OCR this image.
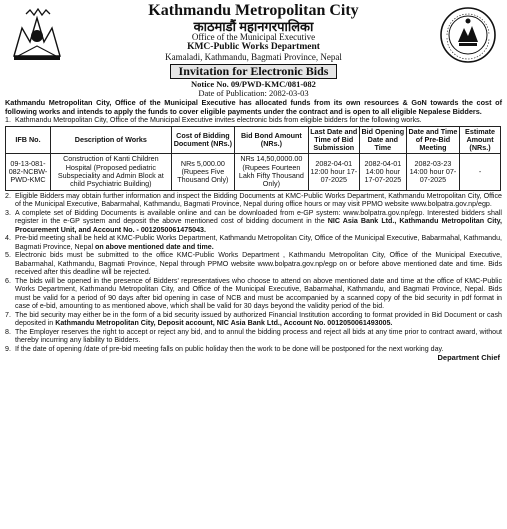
Kathmandu Metropolitan City
काठमाडौं महानगरपालिका
Office of the Municipal Executive
KMC-Public Works Department
Kamaladi, Kathmandu, Bagmati Province, Nepal
Invitation for Electronic Bids
Notice No. 09/PWD-KMC/081-082
Date of Publication: 2082-03-03
Kathmandu Metropolitan City, Office of the Municipal Executive has allocated funds from its own resources & GoN towards the cost of following works and intends to apply the funds to cover eligible payments under the contract and is open to all eligible Nepalese Bidders.
1. Kathmandu Metropolitan City, Office of the Municipal Executive invites electronic bids from eligible bidders for the following works.
IFB No.	Description of Works	Cost of Bidding Document (NRs.)	Bid Bond Amount (NRs.)	Last Date and Time of Bid Submission	Bid Opening Date and Time	Date and Time of Pre-Bid Meeting	Estimate Amount (NRs.)
09-13-081-082-NCBW-PWD-KMC	Construction of Kanti Children Hospital (Proposed pediatric Subspeciality and Admin Block at child Psychiatric Building)	NRs 5,000.00 (Rupees Five Thousand Only)	NRs 14,50,0000.00 (Rupees Fourteen Lakh Fifty Thousand Only)	2082-04-01 12:00 hour 17-07-2025	2082-04-01 14:00 hour 17-07-2025	2082-03-23 14:00 hour 07-07-2025	-
2. Eligible Bidders may obtain further information and inspect the Bidding Documents at KMC-Public Works Department, Kathmandu Metropolitan City, Office of the Municipal Executive, Babarmahal, Kathmandu, Bagmati Province, Nepal during office hours or may visit PPMO website www.bolpatra.gov.np/egp.
3. A complete set of Bidding Documents is available online and can be downloaded from e-GP system: www.bolpatra.gov.np/egp. Interested bidders shall register in the e-GP system and deposit the above mentioned cost of bidding document in the NIC Asia Bank Ltd., Kathmandu Metropolitan City, Procurement Unit, and Account No. - 0012050061475043.
4. Pre-bid meeting shall be held at KMC-Public Works Department, Kathmandu Metropolitan City, Office of the Municipal Executive, Babarmahal, Kathmandu, Bagmati Province, Nepal on above mentioned date and time.
5. Electronic bids must be submitted to the office KMC-Public Works Department , Kathmandu Metropolitan City, Office of the Municipal Executive, Babarmahal, Kathmandu, Bagmati Province, Nepal through PPMO website www.bolpatra.gov.np/egp on or before above mentioned date and time. Bids received after this deadline will be rejected.
6. The bids will be opened in the presence of Bidders' representatives who choose to attend on above mentioned date and time at the office of KMC-Public Works Department, Kathmandu Metropolitan City, and Office of the Municipal Executive, Babarmahal, Kathmandu, and Bagmati Province, Nepal. Bids must be valid for a period of 90 days after bid opening in case of NCB and must be accompanied by a scanned copy of the bid security in pdf format in case of e-bid, amounting to as mentioned above, which shall be valid for 30 days beyond the validity period of the bid.
7. The bid security may either be in the form of a bid security issued by authorized Financial Institution according to format provided in Bid Document or cash deposited in Kathmandu Metropolitan City, Deposit account, NIC Asia Bank Ltd., Account No. 0012050061493005.
8. The Employer reserves the right to accept or reject any bid, and to annul the bidding process and reject all bids at any time prior to contract award, without thereby incurring any liability to Bidders.
9. If the date of opening /date of pre-bid meeting falls on public holiday then the work to be done will be postponed for the next working day.
Department Chief
